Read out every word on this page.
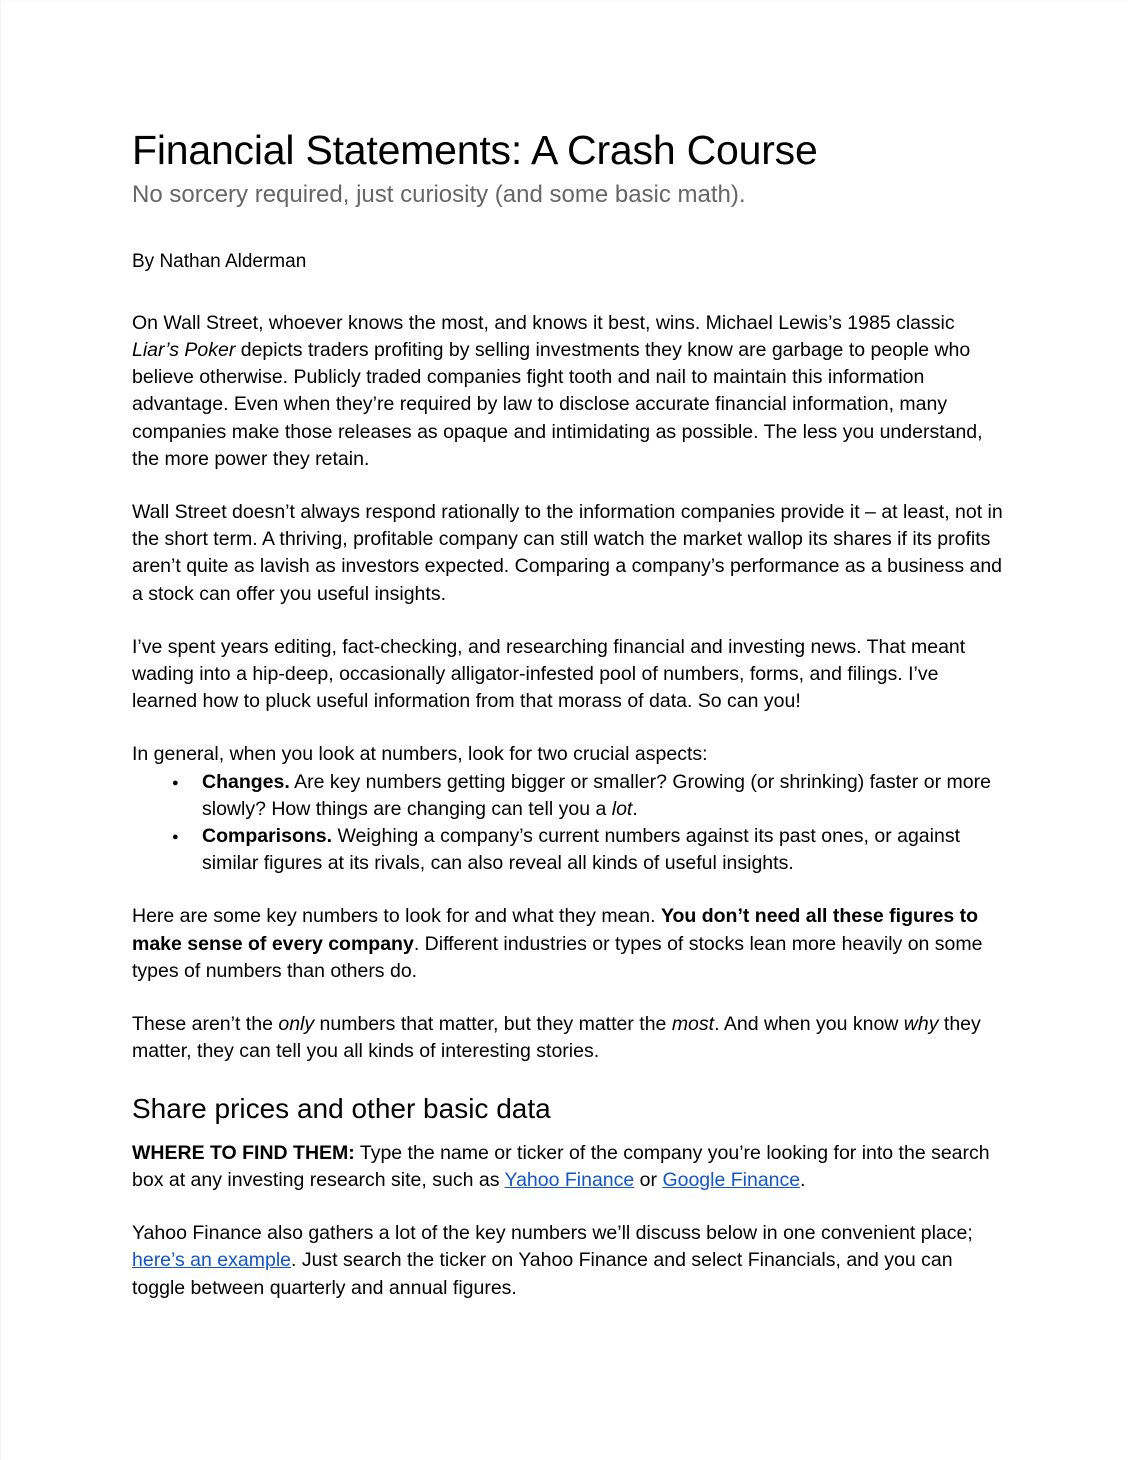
Financial Statements: A Crash Course
No sorcery required, just curiosity (and some basic math).
By Nathan Alderman

On Wall Street, whoever knows the most, and knows it best, wins. Michael Lewis’s 1985 classic Liar’s Poker depicts traders profiting by selling investments they know are garbage to people who believe otherwise. Publicly traded companies fight tooth and nail to maintain this information advantage. Even when they’re required by law to disclose accurate financial information, many companies make those releases as opaque and intimidating as possible. The less you understand, the more power they retain.

Wall Street doesn’t always respond rationally to the information companies provide it – at least, not in the short term. A thriving, profitable company can still watch the market wallop its shares if its profits aren’t quite as lavish as investors expected. Comparing a company’s performance as a business and a stock can offer you useful insights.

I’ve spent years editing, fact-checking, and researching financial and investing news. That meant wading into a hip-deep, occasionally alligator-infested pool of numbers, forms, and filings. I’ve learned how to pluck useful information from that morass of data. So can you!

In general, when you look at numbers, look for two crucial aspects:

● Changes. Are key numbers getting bigger or smaller? Growing (or shrinking) faster or more slowly? How things are changing can tell you a lot.
● Comparisons. Weighing a company’s current numbers against its past ones, or against similar figures at its rivals, can also reveal all kinds of useful insights.

Here are some key numbers to look for and what they mean. You don’t need all these figures to make sense of every company. Different industries or types of stocks lean more heavily on some types of numbers than others do.

These aren’t the only numbers that matter, but they matter the most. And when you know why they matter, they can tell you all kinds of interesting stories.

Share prices and other basic data

WHERE TO FIND THEM: Type the name or ticker of the company you’re looking for into the search box at any investing research site, such as Yahoo Finance or Google Finance.

Yahoo Finance also gathers a lot of the key numbers we’ll discuss below in one convenient place; here’s an example. Just search the ticker on Yahoo Finance and select Financials, and you can toggle between quarterly and annual figures.
